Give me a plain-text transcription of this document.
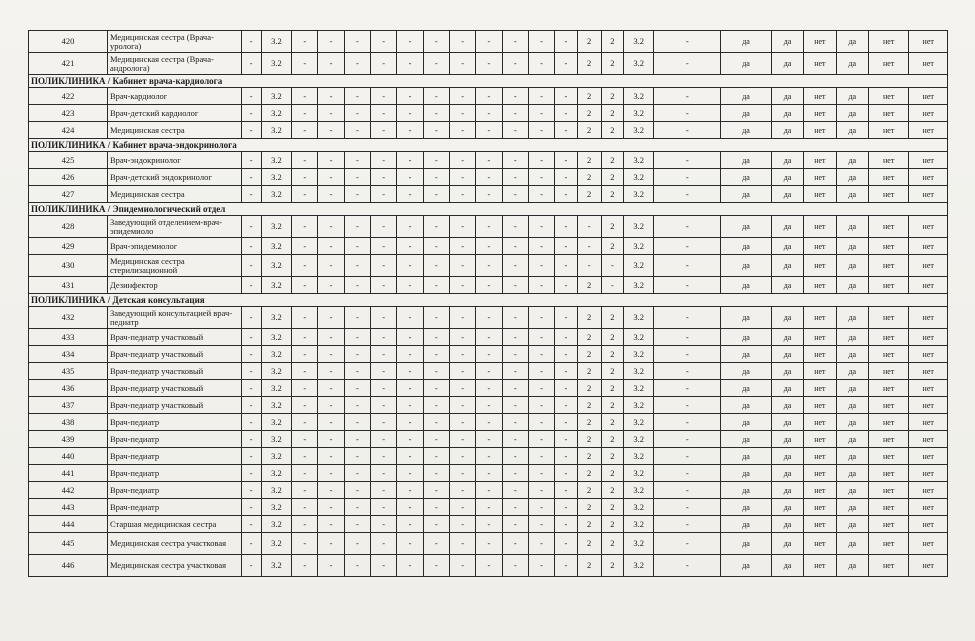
420	Медицинская сестра (Врача-уролога)	-	3.2	-	-	-	-	-	-	-	-	-	-	-	2	2	3.2	-	да	да	нет	да	нет	нет
421	Медицинская сестра (Врача-андролога)	-	3.2	-	-	-	-	-	-	-	-	-	-	-	2	2	3.2	-	да	да	нет	да	нет	нет
ПОЛИКЛИНИКА / Кабинет врача-кардиолога																								
422	Врач-кардиолог	-	3.2	-	-	-	-	-	-	-	-	-	-	-	2	2	3.2	-	да	да	нет	да	нет	нет
423	Врач-детский кардиолог	-	3.2	-	-	-	-	-	-	-	-	-	-	-	2	2	3.2	-	да	да	нет	да	нет	нет
424	Медицинская сестра	-	3.2	-	-	-	-	-	-	-	-	-	-	-	2	2	3.2	-	да	да	нет	да	нет	нет
ПОЛИКЛИНИКА / Кабинет врача-эндокринолога																								
425	Врач-эндокринолог	-	3.2	-	-	-	-	-	-	-	-	-	-	-	2	2	3.2	-	да	да	нет	да	нет	нет
426	Врач-детский эндокринолог	-	3.2	-	-	-	-	-	-	-	-	-	-	-	2	2	3.2	-	да	да	нет	да	нет	нет
427	Медицинская сестра	-	3.2	-	-	-	-	-	-	-	-	-	-	-	2	2	3.2	-	да	да	нет	да	нет	нет
ПОЛИКЛИНИКА / Эпидемиологический отдел																								
428	Заведующий отделением-врач-эпидемиоло	-	3.2	-	-	-	-	-	-	-	-	-	-	-	-	2	3.2	-	да	да	нет	да	нет	нет
429	Врач-эпидемиолог	-	3.2	-	-	-	-	-	-	-	-	-	-	-	-	2	3.2	-	да	да	нет	да	нет	нет
430	Медицинская сестра стерилизационной	-	3.2	-	-	-	-	-	-	-	-	-	-	-	-	-	3.2	-	да	да	нет	да	нет	нет
431	Дезинфектор	-	3.2	-	-	-	-	-	-	-	-	-	-	-	2	-	3.2	-	да	да	нет	да	нет	нет
ПОЛИКЛИНИКА / Детская консультация																								
432	Заведующий консультацией врач-педиатр	-	3.2	-	-	-	-	-	-	-	-	-	-	-	2	2	3.2	-	да	да	нет	да	нет	нет
433	Врач-педиатр участковый	-	3.2	-	-	-	-	-	-	-	-	-	-	-	2	2	3.2	-	да	да	нет	да	нет	нет
434	Врач-педиатр участковый	-	3.2	-	-	-	-	-	-	-	-	-	-	-	2	2	3.2	-	да	да	нет	да	нет	нет
435	Врач-педиатр участковый	-	3.2	-	-	-	-	-	-	-	-	-	-	-	2	2	3.2	-	да	да	нет	да	нет	нет
436	Врач-педиатр участковый	-	3.2	-	-	-	-	-	-	-	-	-	-	-	2	2	3.2	-	да	да	нет	да	нет	нет
437	Врач-педиатр участковый	-	3.2	-	-	-	-	-	-	-	-	-	-	-	2	2	3.2	-	да	да	нет	да	нет	нет
438	Врач-педиатр	-	3.2	-	-	-	-	-	-	-	-	-	-	-	2	2	3.2	-	да	да	нет	да	нет	нет
439	Врач-педиатр	-	3.2	-	-	-	-	-	-	-	-	-	-	-	2	2	3.2	-	да	да	нет	да	нет	нет
440	Врач-педиатр	-	3.2	-	-	-	-	-	-	-	-	-	-	-	2	2	3.2	-	да	да	нет	да	нет	нет
441	Врач-педиатр	-	3.2	-	-	-	-	-	-	-	-	-	-	-	2	2	3.2	-	да	да	нет	да	нет	нет
442	Врач-педиатр	-	3.2	-	-	-	-	-	-	-	-	-	-	-	2	2	3.2	-	да	да	нет	да	нет	нет
443	Врач-педиатр	-	3.2	-	-	-	-	-	-	-	-	-	-	-	2	2	3.2	-	да	да	нет	да	нет	нет
444	Старшая медицинская сестра	-	3.2	-	-	-	-	-	-	-	-	-	-	-	2	2	3.2	-	да	да	нет	да	нет	нет
445	Медицинская сестра участковая	-	3.2	-	-	-	-	-	-	-	-	-	-	-	2	2	3.2	-	да	да	нет	да	нет	нет
446	Медицинская сестра участковая	-	3.2	-	-	-	-	-	-	-	-	-	-	-	2	2	3.2	-	да	да	нет	да	нет	нет
